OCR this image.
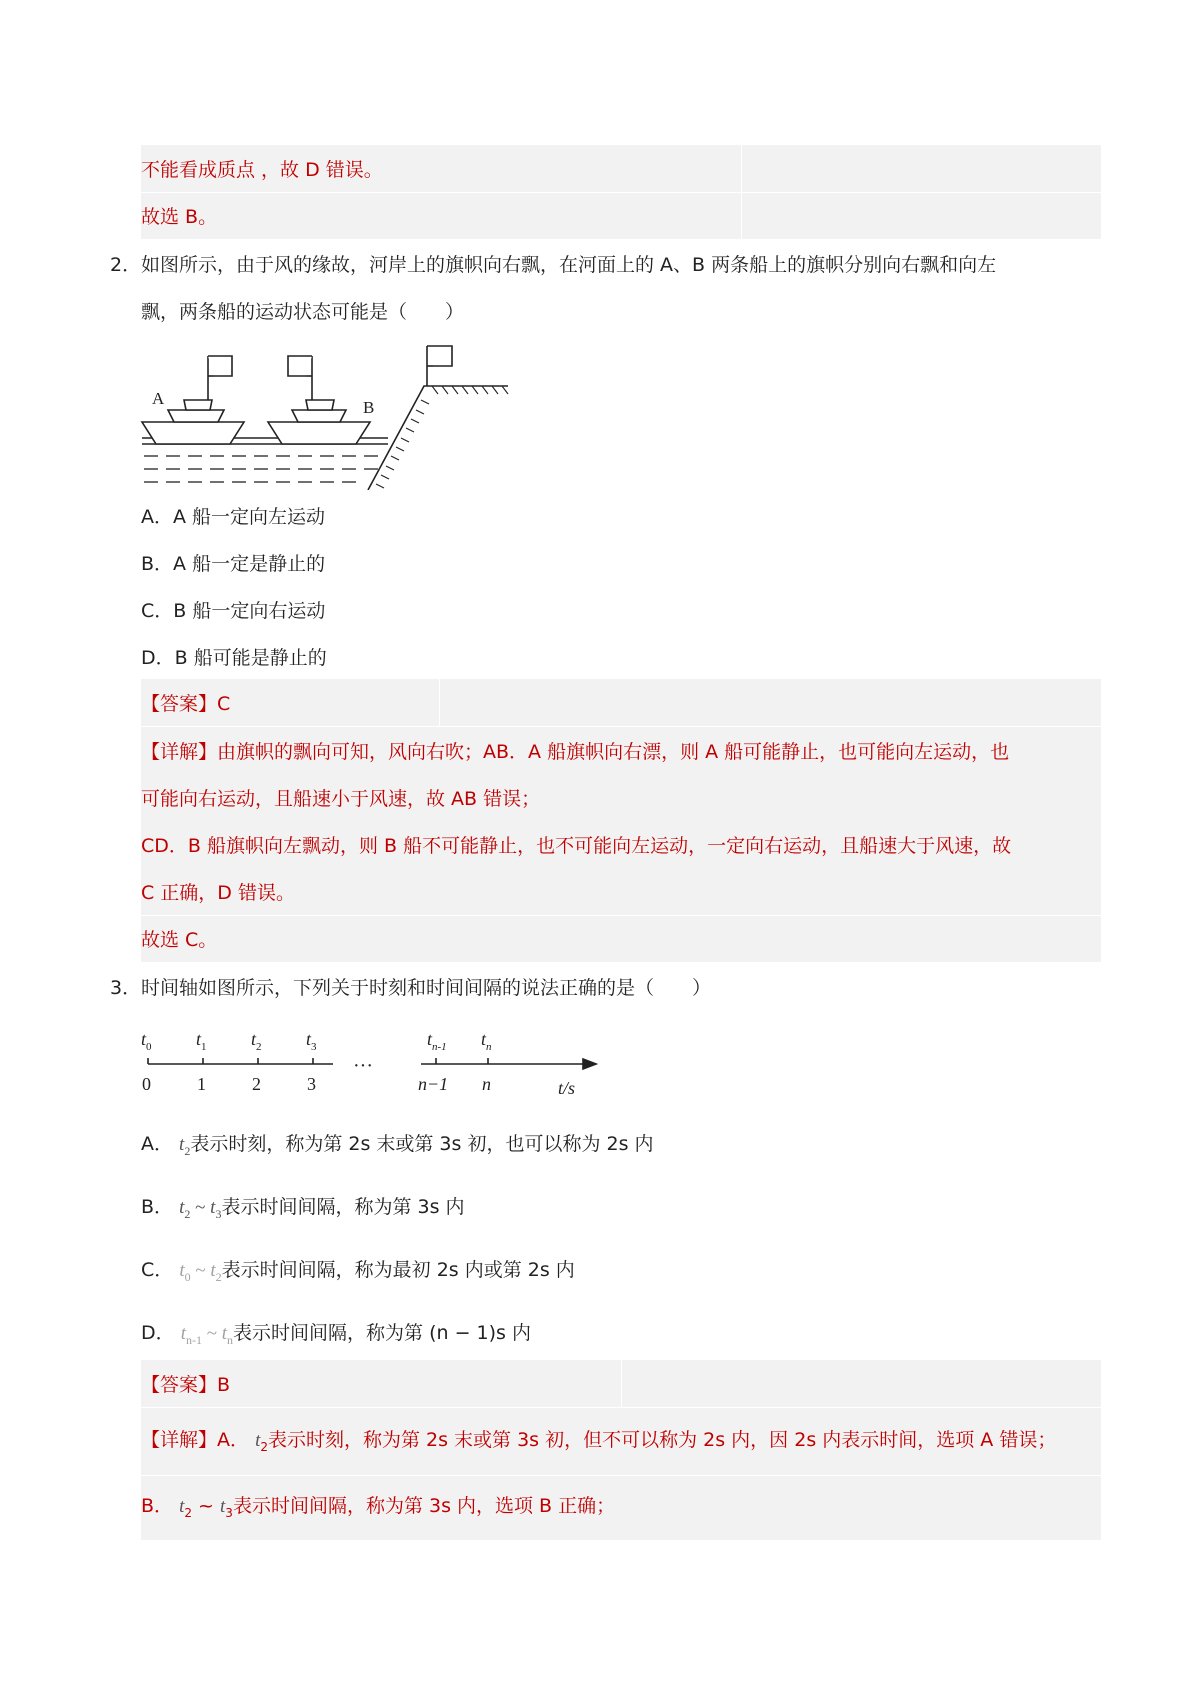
不能看成质点 ，故 D 错误。
故选 B。
2． 如图所示，由于风的缘故，河岸上的旗帜向右飘，在河面上的 A、B 两条船上的旗帜分别向右飘和向左
飘，两条船的运动状态可能是（　　）
A	B
A．A 船一定向左运动
B．A 船一定是静止的
C．B 船一定向右运动
D．B 船可能是静止的
【答案】C
【详解】由旗帜的飘向可知，风向右吹；AB．A 船旗帜向右漂，则 A 船可能静止，也可能向左运动，也
可能向右运动，且船速小于风速，故 AB 错误；
CD．B 船旗帜向左飘动，则 B 船不可能静止，也不可能向左运动，一定向右运动，且船速大于风速，故
C 正确，D 错误。
故选 C。
3． 时间轴如图所示，下列关于时刻和时间间隔的说法正确的是（　　）
$t_0$ $t_1$ $t_2$ $t_3$	$t_{n-1}$ $t_n$
···
0	1	2	3	n−1 n	t/s
A． $t_2$表示时刻，称为第 2s 末或第 3s 初，也可以称为 2s 内
B． $t_2$ ~ $t_3$表示时间间隔，称为第 3s 内
C． $t_0$ ~ $t_2$表示时间间隔，称为最初 2s 内或第 2s 内
D． $t_{n-1}$ ~ $t_n$表示时间间隔，称为第 (n − 1)s 内
【答案】B
【详解】A． $t_2$表示时刻，称为第 2s 末或第 3s 初，但不可以称为 2s 内，因 2s 内表示时间，选项 A 错误；
B． $t_2$ ~ $t_3$表示时间间隔，称为第 3s 内，选项 B 正确；
